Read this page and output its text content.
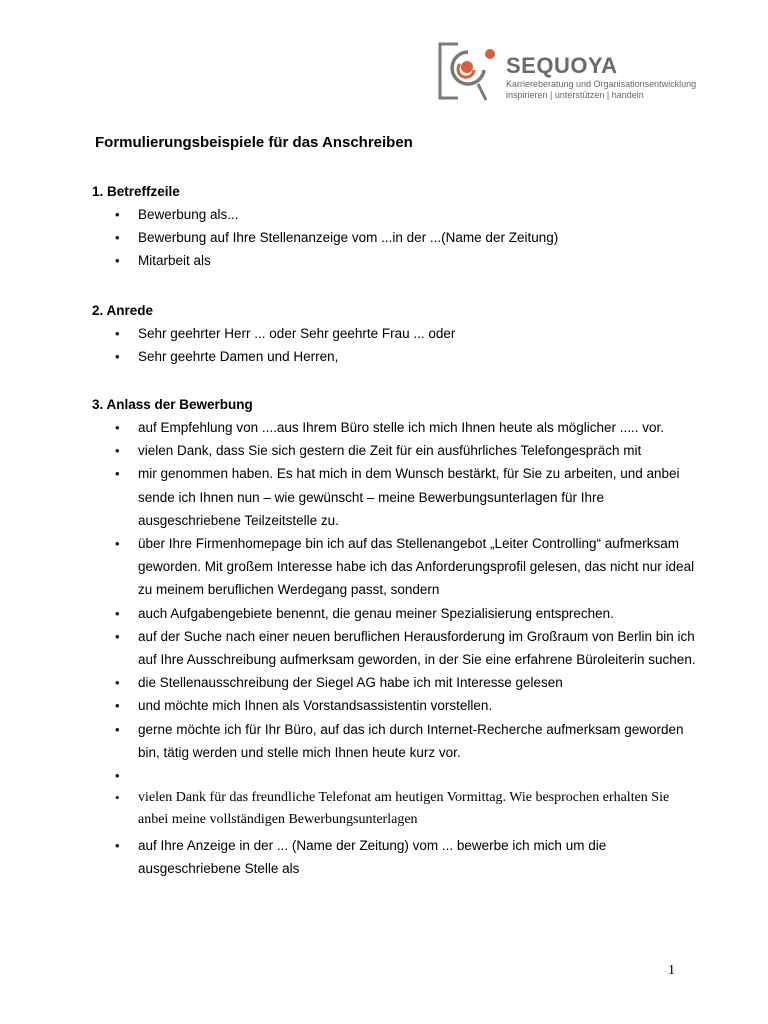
SEQUOYA
Karriereberatung und Organisationsentwicklung
inspirieren | unterstützen | handeln
Formulierungsbeispiele für das Anschreiben
1. Betreffzeile
• Bewerbung als...
• Bewerbung auf Ihre Stellenanzeige vom ...in der ...(Name der Zeitung)
• Mitarbeit als
2. Anrede
• Sehr geehrter Herr ... oder Sehr geehrte Frau ... oder
• Sehr geehrte Damen und Herren,
3. Anlass der Bewerbung
• auf Empfehlung von ....aus Ihrem Büro stelle ich mich Ihnen heute als möglicher ..... vor.
• vielen Dank, dass Sie sich gestern die Zeit für ein ausführliches Telefongespräch mit
• mir genommen haben. Es hat mich in dem Wunsch bestärkt, für Sie zu arbeiten, und anbei sende ich Ihnen nun – wie gewünscht – meine Bewerbungsunterlagen für Ihre ausgeschriebene Teilzeitstelle zu.
• über Ihre Firmenhomepage bin ich auf das Stellenangebot „Leiter Controlling“ aufmerksam geworden. Mit großem Interesse habe ich das Anforderungsprofil gelesen, das nicht nur ideal zu meinem beruflichen Werdegang passt, sondern
• auch Aufgabengebiete benennt, die genau meiner Spezialisierung entsprechen.
• auf der Suche nach einer neuen beruflichen Herausforderung im Großraum von Berlin bin ich auf Ihre Ausschreibung aufmerksam geworden, in der Sie eine erfahrene Büroleiterin suchen.
• die Stellenausschreibung der Siegel AG habe ich mit Interesse gelesen
• und möchte mich Ihnen als Vorstandsassistentin vorstellen.
• gerne möchte ich für Ihr Büro, auf das ich durch Internet-Recherche aufmerksam geworden bin, tätig werden und stelle mich Ihnen heute kurz vor.
•
• vielen Dank für das freundliche Telefonat am heutigen Vormittag. Wie besprochen erhalten Sie anbei meine vollständigen Bewerbungsunterlagen
• auf Ihre Anzeige in der ... (Name der Zeitung) vom ... bewerbe ich mich um die ausgeschriebene Stelle als
1
